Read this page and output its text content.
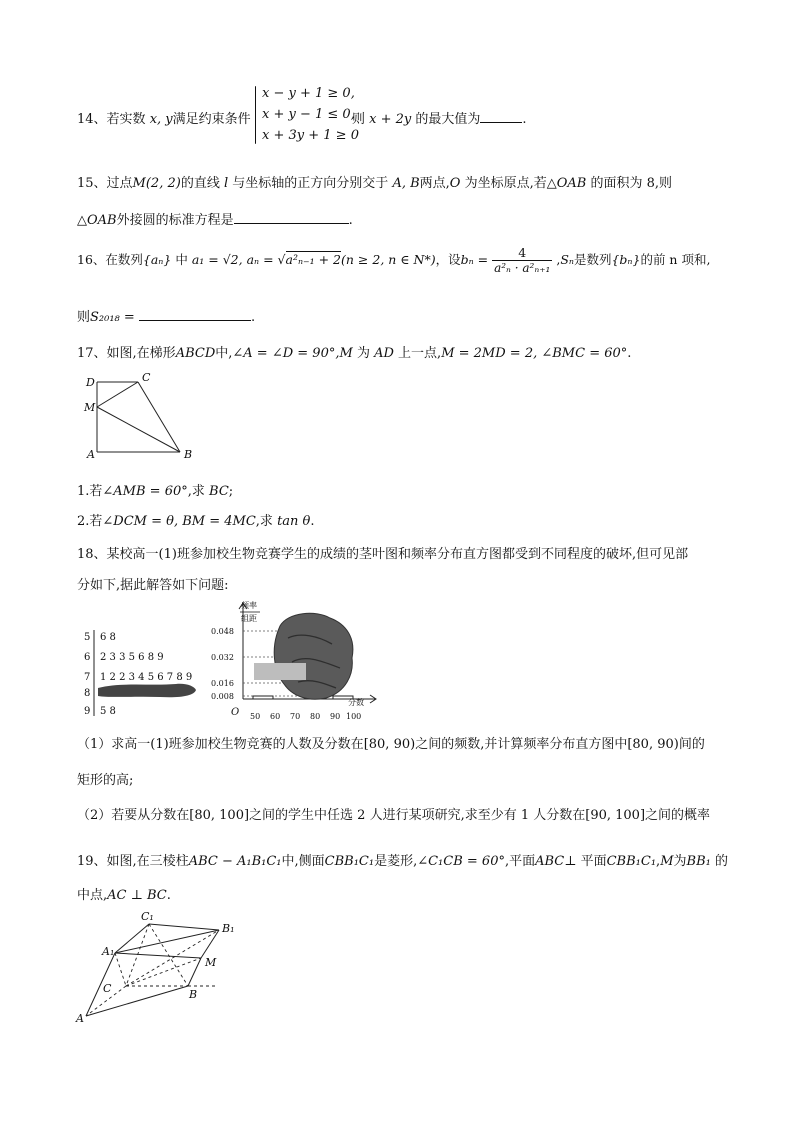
14、若实数 x, y满足约束条件
x − y + 1 ≥ 0,
x + y − 1 ≤ 0,
x + 3y + 1 ≥ 0
则 x + 2y 的最大值为	.
15、过点M(2, 2)的直线 l 与坐标轴的正方向分别交于 A, B两点,O 为坐标原点,若△OAB 的面积为 8,则
△OAB外接圆的标准方程是	.
16、在数列{aₙ} 中 a₁ = √2, aₙ = √a²ₙ₋₁ + 2(n ≥ 2, n ∈ N*)，设$b_n = \frac{4}{\text{a²ₙ · a²ₙ₊₁}} ,S_n$是数列{bₙ}的前 n 项和,
则S₂₀₁₈ =	.
17、如图,在梯形ABCD中,∠A = ∠D = 90°,M 为 AD 上一点,M = 2MD = 2, ∠BMC = 60°.
D	C
M
A	B
1.若∠AMB = 60°,求 BC;
2.若∠DCM = θ, BM = 4MC,求 tan θ.
18、某校高一(1)班参加校生物竞赛学生的成绩的茎叶图和频率分布直方图都受到不同程度的破坏,但可见部
分如下,据此解答如下问题:
5 6 8
6 2 3 3 5 6 8 9
7 1 2 2 3 4 5 6 7 8 9
8
9 5 8
频率
组距
0.048
0.032
0.016
0.008
O 50 60 70 80 90 100
分数
（1）求高一(1)班参加校生物竞赛的人数及分数在[80, 90)之间的频数,并计算频率分布直方图中[80, 90)间的
矩形的高;
（2）若要从分数在[80, 100]之间的学生中任选 2 人进行某项研究,求至少有 1 人分数在[90, 100]之间的概率
19、如图,在三棱柱ABC − A₁B₁C₁中,侧面CBB₁C₁是菱形,∠C₁CB = 60°,平面ABC⊥ 平面CBB₁C₁,M为BB₁ 的
中点,AC ⊥ BC.
C₁
B₁
A₁
M
C	B
A
